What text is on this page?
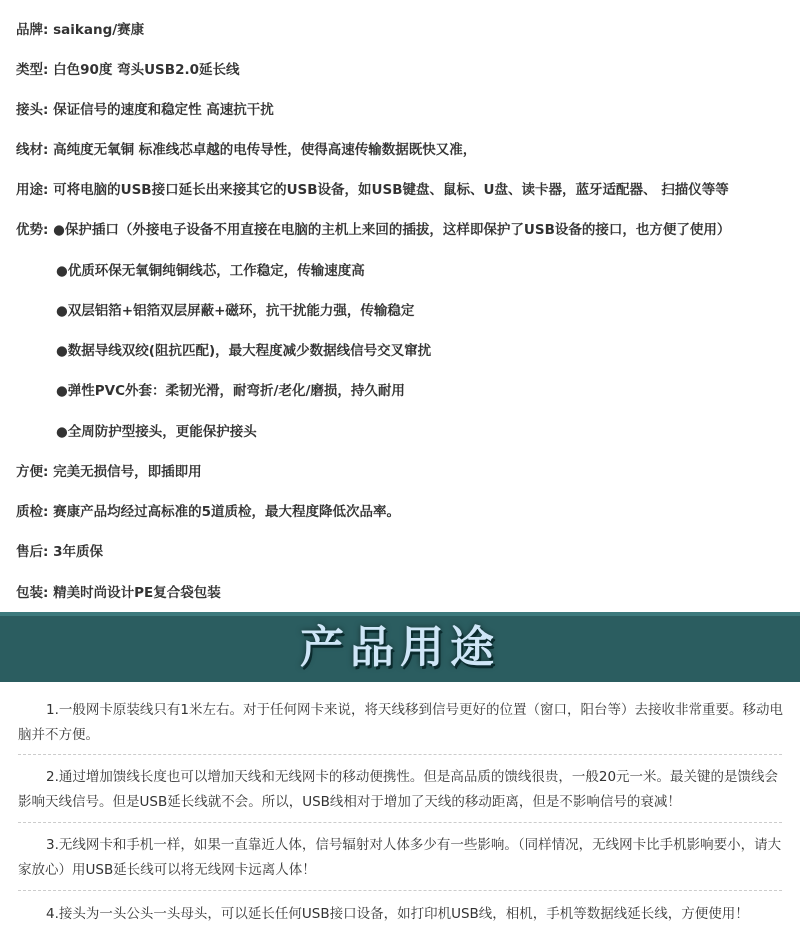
品牌: saikang/赛康
类型: 白色90度 弯头USB2.0延长线
接头: 保证信号的速度和稳定性 高速抗干扰
线材: 高纯度无氧铜 标准线芯卓越的电传导性，使得高速传输数据既快又准，
用途: 可将电脑的USB接口延长出来接其它的USB设备，如USB键盘、鼠标、U盘、读卡器，蓝牙适配器、 扫描仪等等
优势: ●保护插口（外接电子设备不用直接在电脑的主机上来回的插拔，这样即保护了USB设备的接口，也方便了使用）
●优质环保无氧铜纯铜线芯，工作稳定，传输速度高
●双层铝箔+铝箔双层屏蔽+磁环，抗干扰能力强，传输稳定
●数据导线双绞(阻抗匹配)，最大程度减少数据线信号交叉窜扰
●弹性PVC外套：柔韧光滑，耐弯折/老化/磨损，持久耐用
●全周防护型接头，更能保护接头
方便: 完美无损信号，即插即用
质检: 赛康产品均经过高标准的5道质检，最大程度降低次品率。
售后: 3年质保
包装: 精美时尚设计PE复合袋包装
产品用途
1.一般网卡原装线只有1米左右。对于任何网卡来说，将天线移到信号更好的位置（窗口，阳台等）去接收非常重要。移动电脑并不方便。
2.通过增加馈线长度也可以增加天线和无线网卡的移动便携性。但是高品质的馈线很贵，一般20元一米。最关键的是馈线会影响天线信号。但是USB延长线就不会。所以，USB线相对于增加了天线的移动距离，但是不影响信号的衰减！
3.无线网卡和手机一样，如果一直靠近人体，信号辐射对人体多少有一些影响。（同样情况，无线网卡比手机影响要小，请大家放心）用USB延长线可以将无线网卡远离人体！
4.接头为一头公头一头母头，可以延长任何USB接口设备，如打印机USB线，相机，手机等数据线延长线，方便使用！
